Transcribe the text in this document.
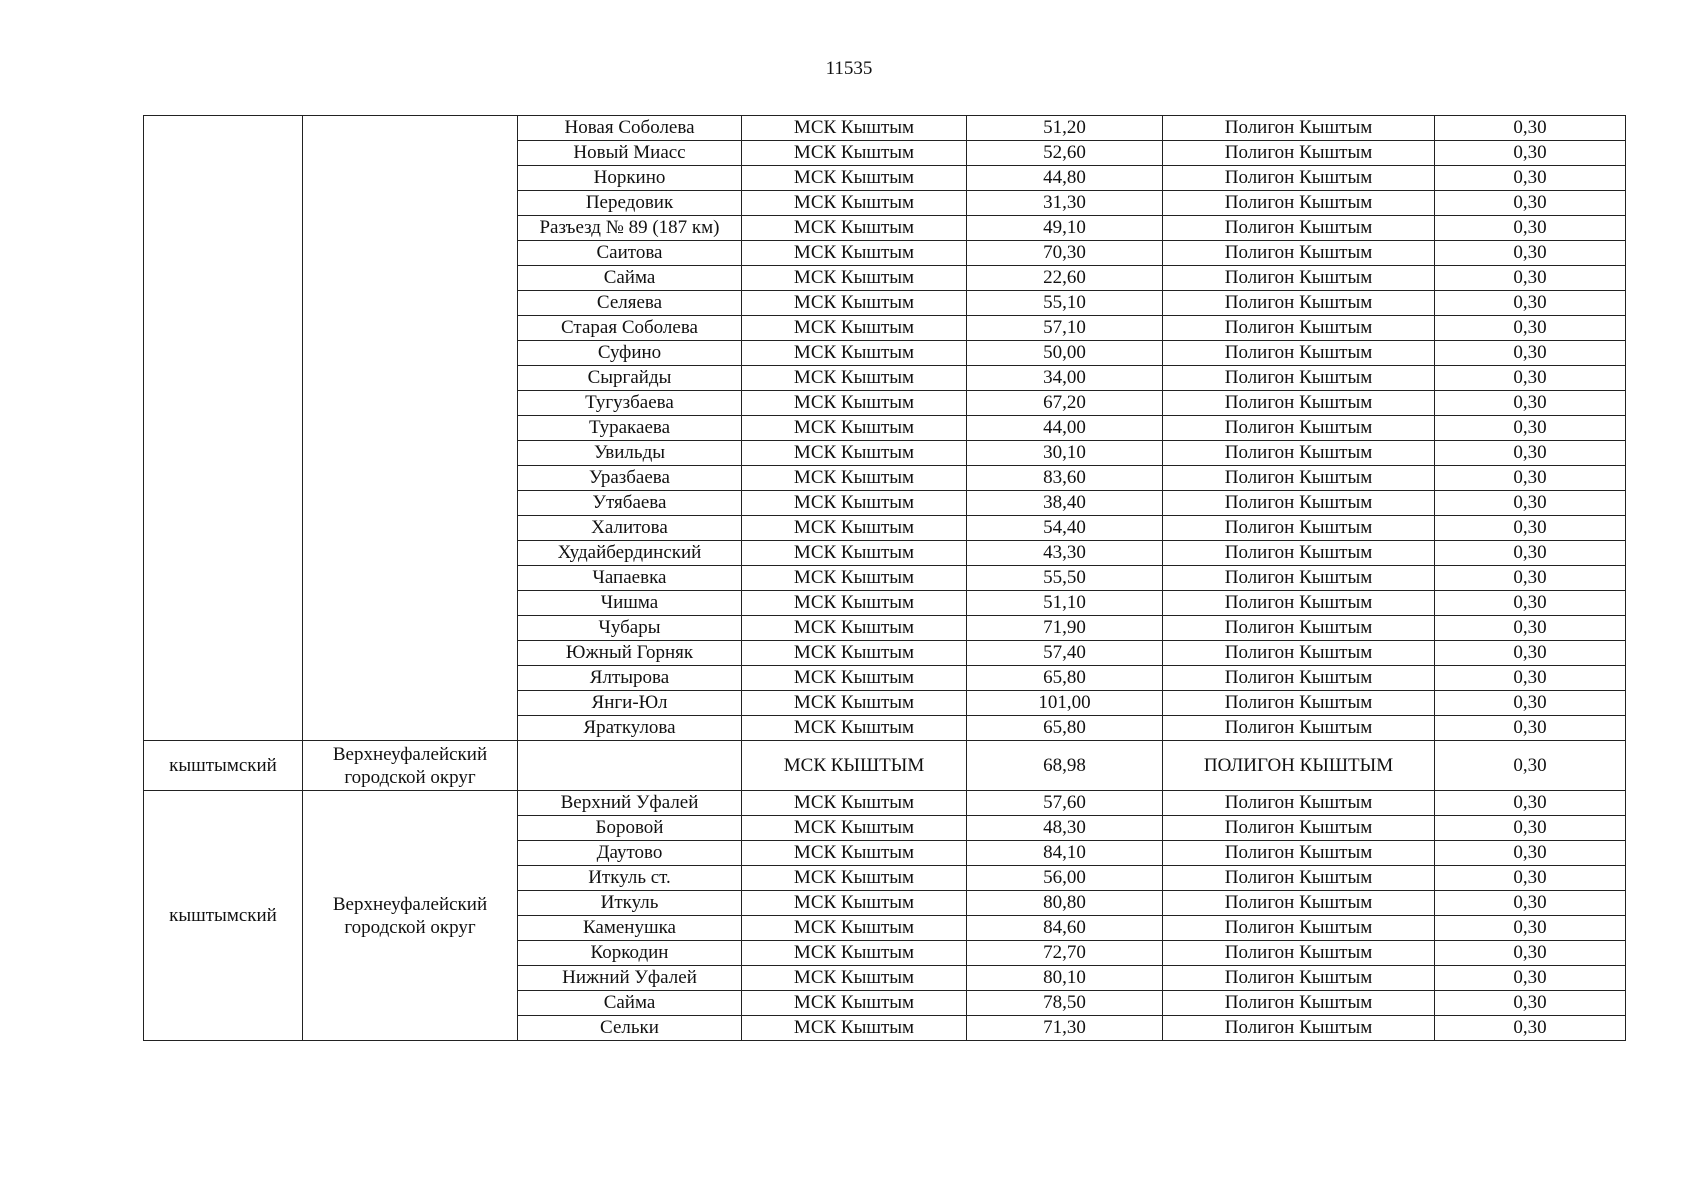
11535
		Новая Соболева	МСК Кыштым	51,20	Полигон Кыштым	0,30
		Новый Миасс	МСК Кыштым	52,60	Полигон Кыштым	0,30
		Норкино	МСК Кыштым	44,80	Полигон Кыштым	0,30
		Передовик	МСК Кыштым	31,30	Полигон Кыштым	0,30
		Разъезд № 89 (187 км)	МСК Кыштым	49,10	Полигон Кыштым	0,30
		Саитова	МСК Кыштым	70,30	Полигон Кыштым	0,30
		Сайма	МСК Кыштым	22,60	Полигон Кыштым	0,30
		Селяева	МСК Кыштым	55,10	Полигон Кыштым	0,30
		Старая Соболева	МСК Кыштым	57,10	Полигон Кыштым	0,30
		Суфино	МСК Кыштым	50,00	Полигон Кыштым	0,30
		Сыргайды	МСК Кыштым	34,00	Полигон Кыштым	0,30
		Тугузбаева	МСК Кыштым	67,20	Полигон Кыштым	0,30
		Туракаева	МСК Кыштым	44,00	Полигон Кыштым	0,30
		Увильды	МСК Кыштым	30,10	Полигон Кыштым	0,30
		Уразбаева	МСК Кыштым	83,60	Полигон Кыштым	0,30
		Утябаева	МСК Кыштым	38,40	Полигон Кыштым	0,30
		Халитова	МСК Кыштым	54,40	Полигон Кыштым	0,30
		Худайбердинский	МСК Кыштым	43,30	Полигон Кыштым	0,30
		Чапаевка	МСК Кыштым	55,50	Полигон Кыштым	0,30
		Чишма	МСК Кыштым	51,10	Полигон Кыштым	0,30
		Чубары	МСК Кыштым	71,90	Полигон Кыштым	0,30
		Южный Горняк	МСК Кыштым	57,40	Полигон Кыштым	0,30
		Ялтырова	МСК Кыштым	65,80	Полигон Кыштым	0,30
		Янги-Юл	МСК Кыштым	101,00	Полигон Кыштым	0,30
		Яраткулова	МСК Кыштым	65,80	Полигон Кыштым	0,30
кыштымский	Верхнеуфалейский городской округ		МСК КЫШТЫМ	68,98	ПОЛИГОН КЫШТЫМ	0,30
кыштымский	Верхнеуфалейский городской округ	Верхний Уфалей	МСК Кыштым	57,60	Полигон Кыштым	0,30
		Боровой	МСК Кыштым	48,30	Полигон Кыштым	0,30
		Даутово	МСК Кыштым	84,10	Полигон Кыштым	0,30
		Иткуль ст.	МСК Кыштым	56,00	Полигон Кыштым	0,30
		Иткуль	МСК Кыштым	80,80	Полигон Кыштым	0,30
		Каменушка	МСК Кыштым	84,60	Полигон Кыштым	0,30
		Коркодин	МСК Кыштым	72,70	Полигон Кыштым	0,30
		Нижний Уфалей	МСК Кыштым	80,10	Полигон Кыштым	0,30
		Сайма	МСК Кыштым	78,50	Полигон Кыштым	0,30
		Сельки	МСК Кыштым	71,30	Полигон Кыштым	0,30
